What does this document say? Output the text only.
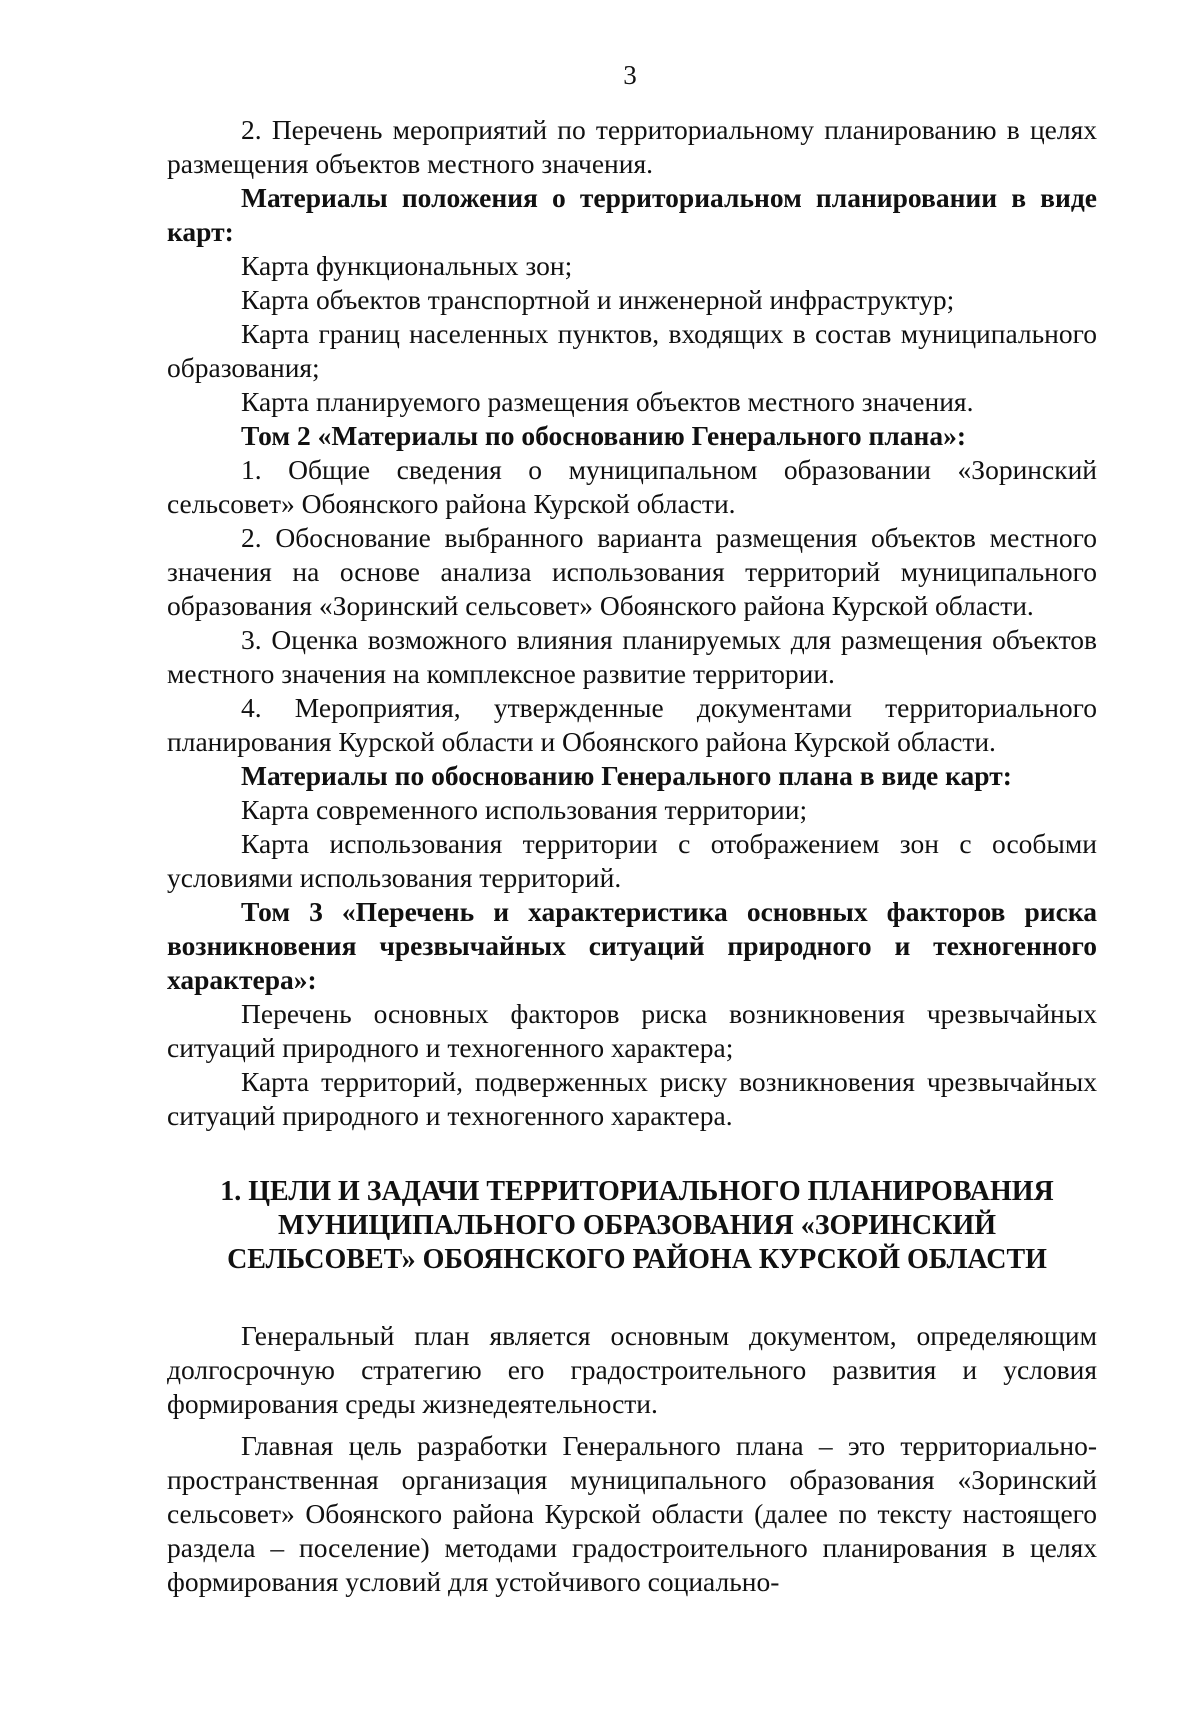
3

2. Перечень мероприятий по территориальному планированию в целях размещения объектов местного значения.

Материалы положения о территориальном планировании в виде карт:

Карта функциональных зон;

Карта объектов транспортной и инженерной инфраструктур;

Карта границ населенных пунктов, входящих в состав муниципального образования;

Карта планируемого размещения объектов местного значения.

Том 2 «Материалы по обоснованию Генерального плана»:

1. Общие сведения о муниципальном образовании «Зоринский сельсовет» Обоянского района Курской области.

2. Обоснование выбранного варианта размещения объектов местного значения на основе анализа использования территорий муниципального образования «Зоринский сельсовет» Обоянского района Курской области.

3. Оценка возможного влияния планируемых для размещения объектов местного значения на комплексное развитие территории.

4. Мероприятия, утвержденные документами территориального планирования Курской области и Обоянского района Курской области.

Материалы по обоснованию Генерального плана в виде карт:

Карта современного использования территории;

Карта использования территории с отображением зон с особыми условиями использования территорий.

Том 3 «Перечень и характеристика основных факторов риска возникновения чрезвычайных ситуаций природного и техногенного характера»:

Перечень основных факторов риска возникновения чрезвычайных ситуаций природного и техногенного характера;

Карта территорий, подверженных риску возникновения чрезвычайных ситуаций природного и техногенного характера.

1. ЦЕЛИ И ЗАДАЧИ ТЕРРИТОРИАЛЬНОГО ПЛАНИРОВАНИЯ
МУНИЦИПАЛЬНОГО ОБРАЗОВАНИЯ «ЗОРИНСКИЙ
СЕЛЬСОВЕТ» ОБОЯНСКОГО РАЙОНА КУРСКОЙ ОБЛАСТИ

Генеральный план является основным документом, определяющим долгосрочную стратегию его градостроительного развития и условия формирования среды жизнедеятельности.

Главная цель разработки Генерального плана – это территориально-пространственная организация муниципального образования «Зоринский сельсовет» Обоянского района Курской области (далее по тексту настоящего раздела – поселение) методами градостроительного планирования в целях формирования условий для устойчивого социально-
